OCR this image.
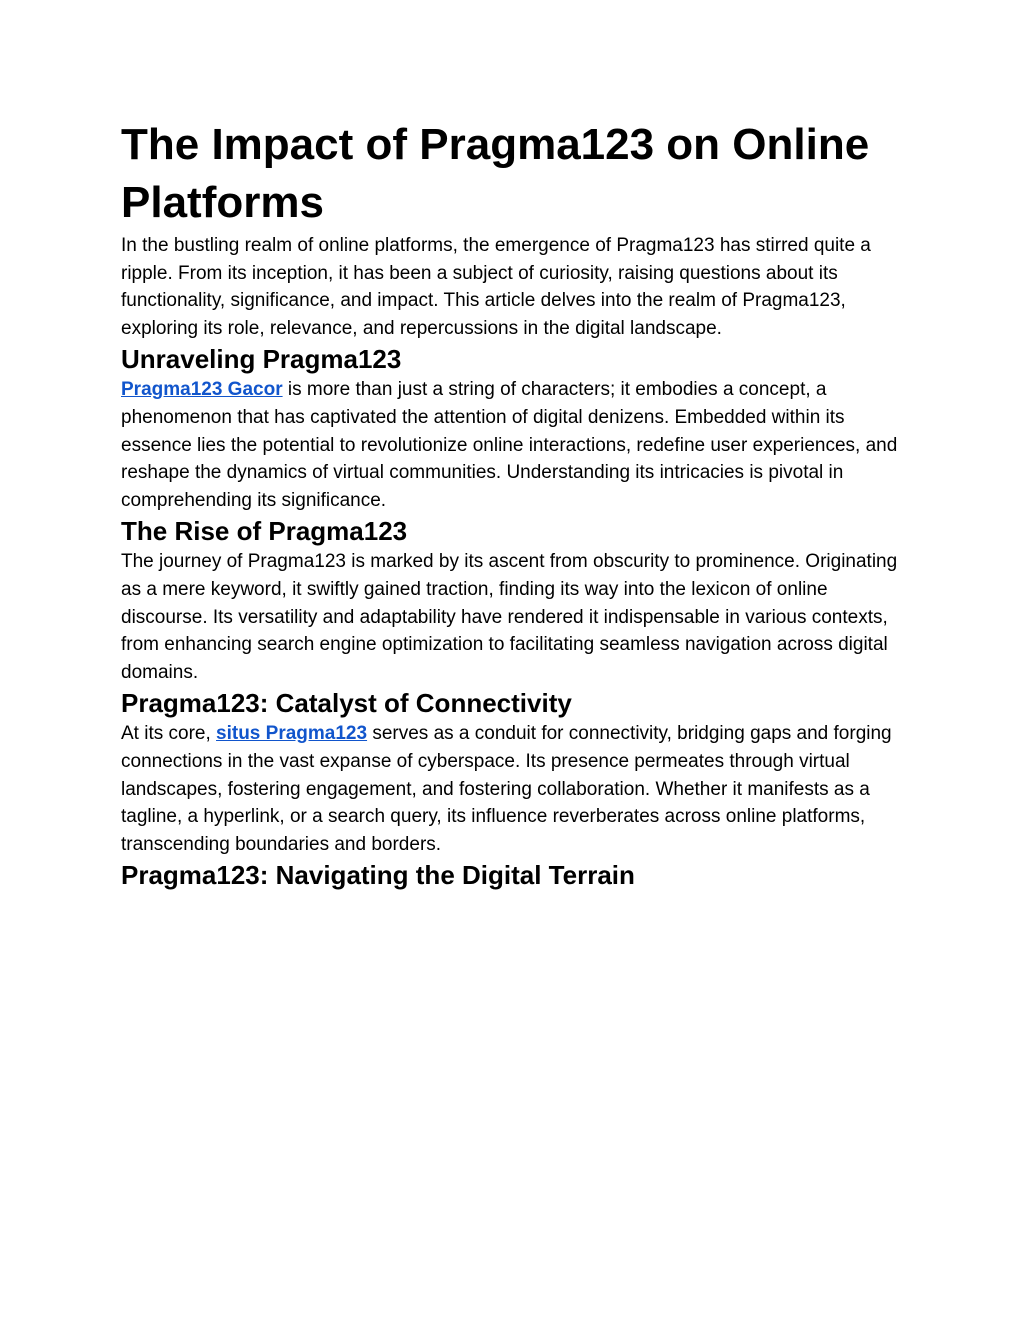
The Impact of Pragma123 on Online Platforms

In the bustling realm of online platforms, the emergence of Pragma123 has stirred quite a ripple. From its inception, it has been a subject of curiosity, raising questions about its functionality, significance, and impact. This article delves into the realm of Pragma123, exploring its role, relevance, and repercussions in the digital landscape.

Unraveling Pragma123

Pragma123 Gacor is more than just a string of characters; it embodies a concept, a phenomenon that has captivated the attention of digital denizens. Embedded within its essence lies the potential to revolutionize online interactions, redefine user experiences, and reshape the dynamics of virtual communities. Understanding its intricacies is pivotal in comprehending its significance.

The Rise of Pragma123

The journey of Pragma123 is marked by its ascent from obscurity to prominence. Originating as a mere keyword, it swiftly gained traction, finding its way into the lexicon of online discourse. Its versatility and adaptability have rendered it indispensable in various contexts, from enhancing search engine optimization to facilitating seamless navigation across digital domains.

Pragma123: Catalyst of Connectivity

At its core, situs Pragma123 serves as a conduit for connectivity, bridging gaps and forging connections in the vast expanse of cyberspace. Its presence permeates through virtual landscapes, fostering engagement, and fostering collaboration. Whether it manifests as a tagline, a hyperlink, or a search query, its influence reverberates across online platforms, transcending boundaries and borders.

Pragma123: Navigating the Digital Terrain
